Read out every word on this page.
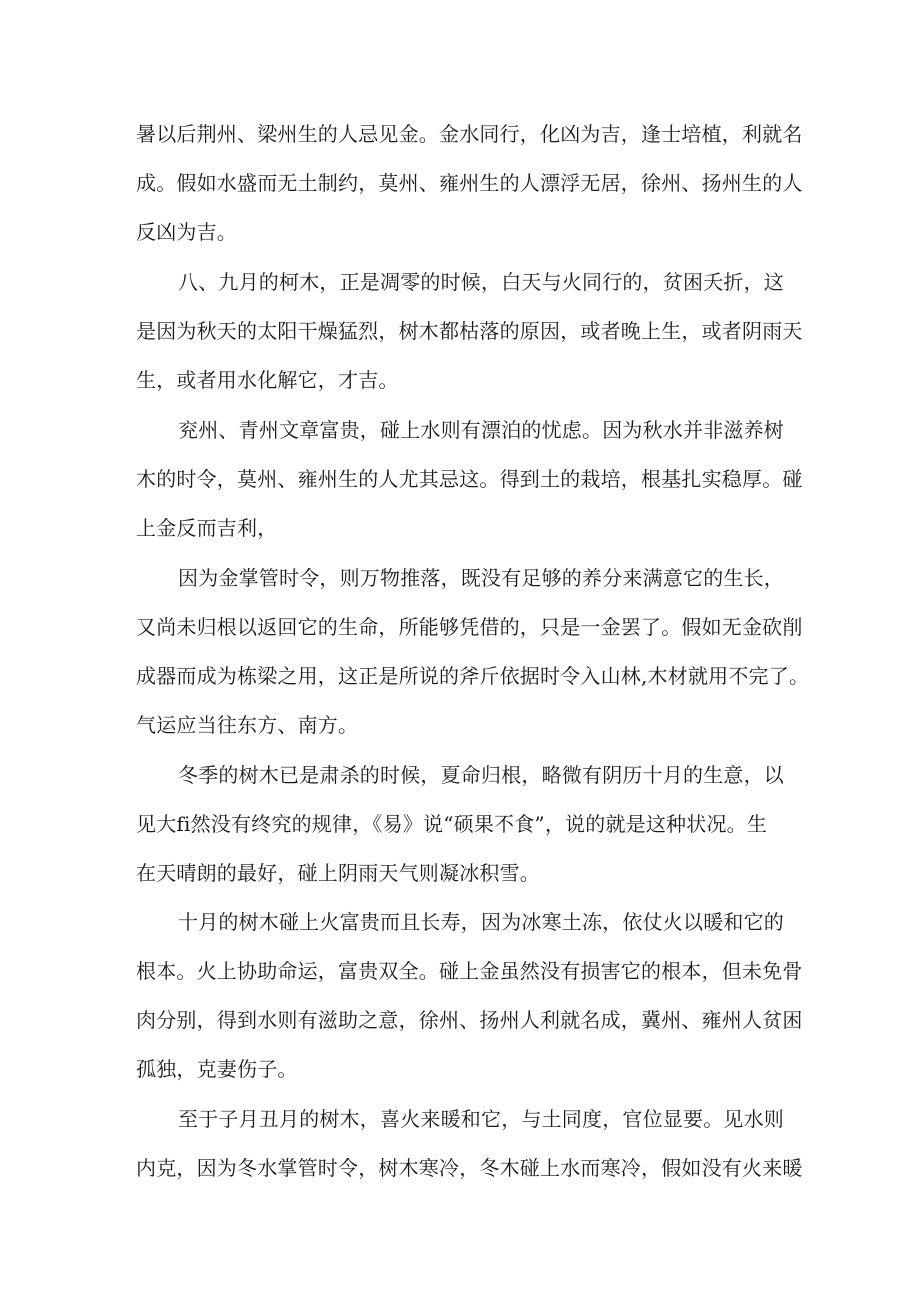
暑以后荆州、梁州生的人忌见金。金水同行，化凶为吉，逢士培植，利就名
成。假如水盛而无土制约，莫州、雍州生的人漂浮无居，徐州、扬州生的人
反凶为吉。
八、九月的柯木，正是凋零的时候，白天与火同行的，贫困夭折，这
是因为秋天的太阳干燥猛烈，树木都枯落的原因，或者晚上生，或者阴雨天
生，或者用水化解它，才吉。
兖州、青州文章富贵，碰上水则有漂泊的忧虑。因为秋水并非滋养树
木的时令，莫州、雍州生的人尤其忌这。得到土的栽培，根基扎实稳厚。碰
上金反而吉利，
因为金掌管时令，则万物推落，既没有足够的养分来满意它的生长，
又尚未归根以返回它的生命，所能够凭借的，只是一金罢了。假如无金砍削
成器而成为栋梁之用，这正是所说的斧斤依据时令入山林,木材就用不完了。
气运应当往东方、南方。
冬季的树木已是肃杀的时候，夏命归根，略微有阴历十月的生意，以
见大fi然没有终究的规律，《易》说“硕果不食”，说的就是这种状况。生
在天晴朗的最好，碰上阴雨天气则凝冰积雪。
十月的树木碰上火富贵而且长寿，因为冰寒土冻，依仗火以暖和它的
根本。火上协助命运，富贵双全。碰上金虽然没有损害它的根本，但未免骨
肉分别，得到水则有滋助之意，徐州、扬州人利就名成，冀州、雍州人贫困
孤独，克妻伤子。
至于子月丑月的树木，喜火来暖和它，与土同度，官位显要。见水则
内克，因为冬水掌管时令，树木寒冷，冬木碰上水而寒冷，假如没有火来暖
